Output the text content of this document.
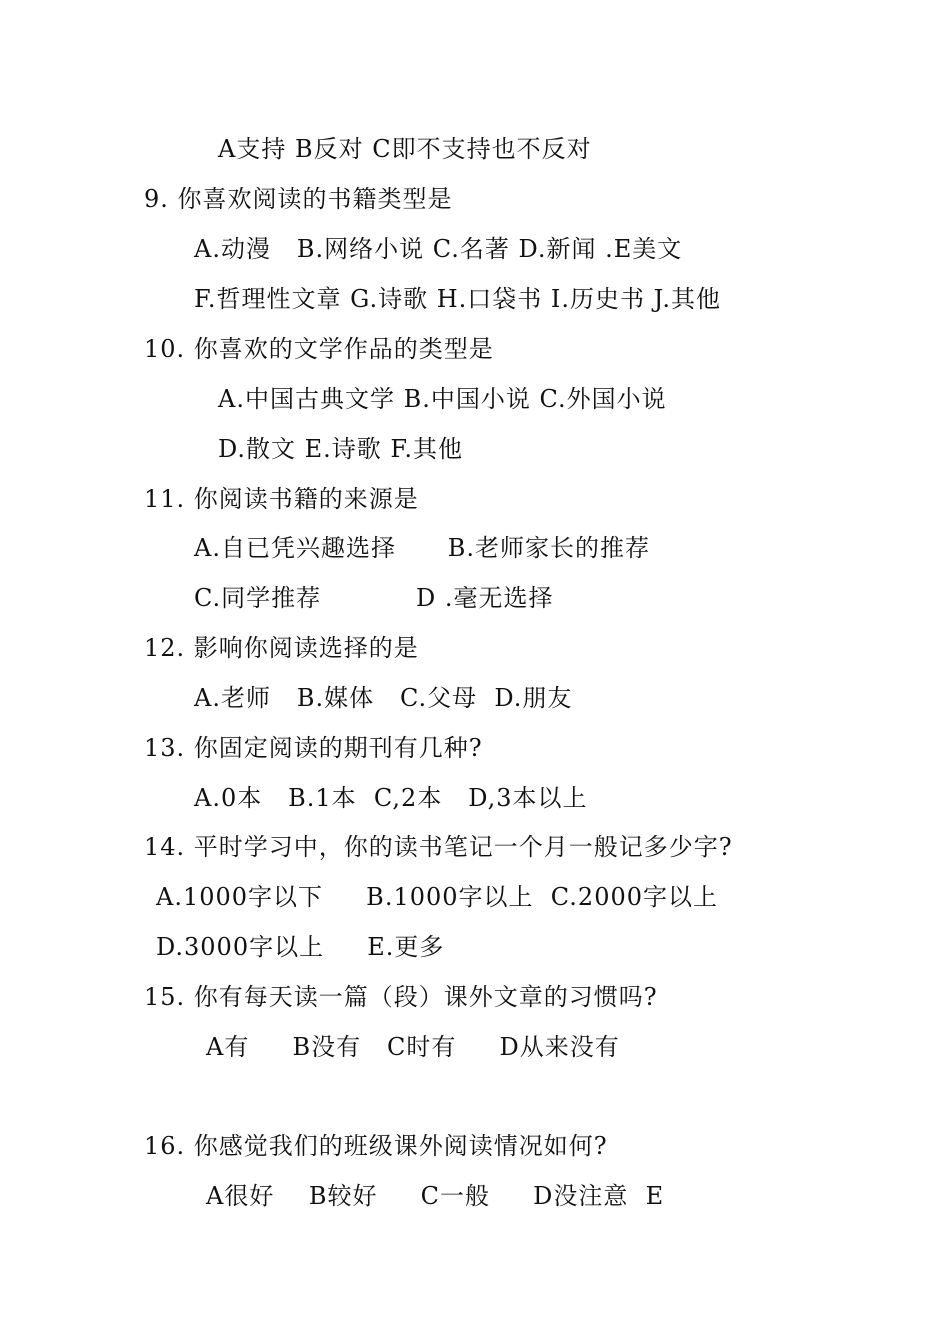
A支持 B反对 C即不支持也不反对
9. 你喜欢阅读的书籍类型是
A.动漫   B.网络小说 C.名著 D.新闻 .E美文
F.哲理性文章 G.诗歌 H.口袋书 I.历史书 J.其他
10. 你喜欢的文学作品的类型是
A.中国古典文学 B.中国小说 C.外国小说
D.散文 E.诗歌 F.其他
11. 你阅读书籍的来源是
A.自已凭兴趣选择      B.老师家长的推荐
C.同学推荐           D .毫无选择
12. 影响你阅读选择的是
A.老师   B.媒体   C.父母  D.朋友
13. 你固定阅读的期刊有几种?
A.0本   B.1本  C,2本   D,3本以上
14. 平时学习中，你的读书笔记一个月一般记多少字?
A.1000字以下     B.1000字以上  C.2000字以上
D.3000字以上     E.更多
15. 你有每天读一篇（段）课外文章的习惯吗?
A有     B没有   C时有     D从来没有
16. 你感觉我们的班级课外阅读情况如何?
A很好    B较好     C一般     D没注意  E
